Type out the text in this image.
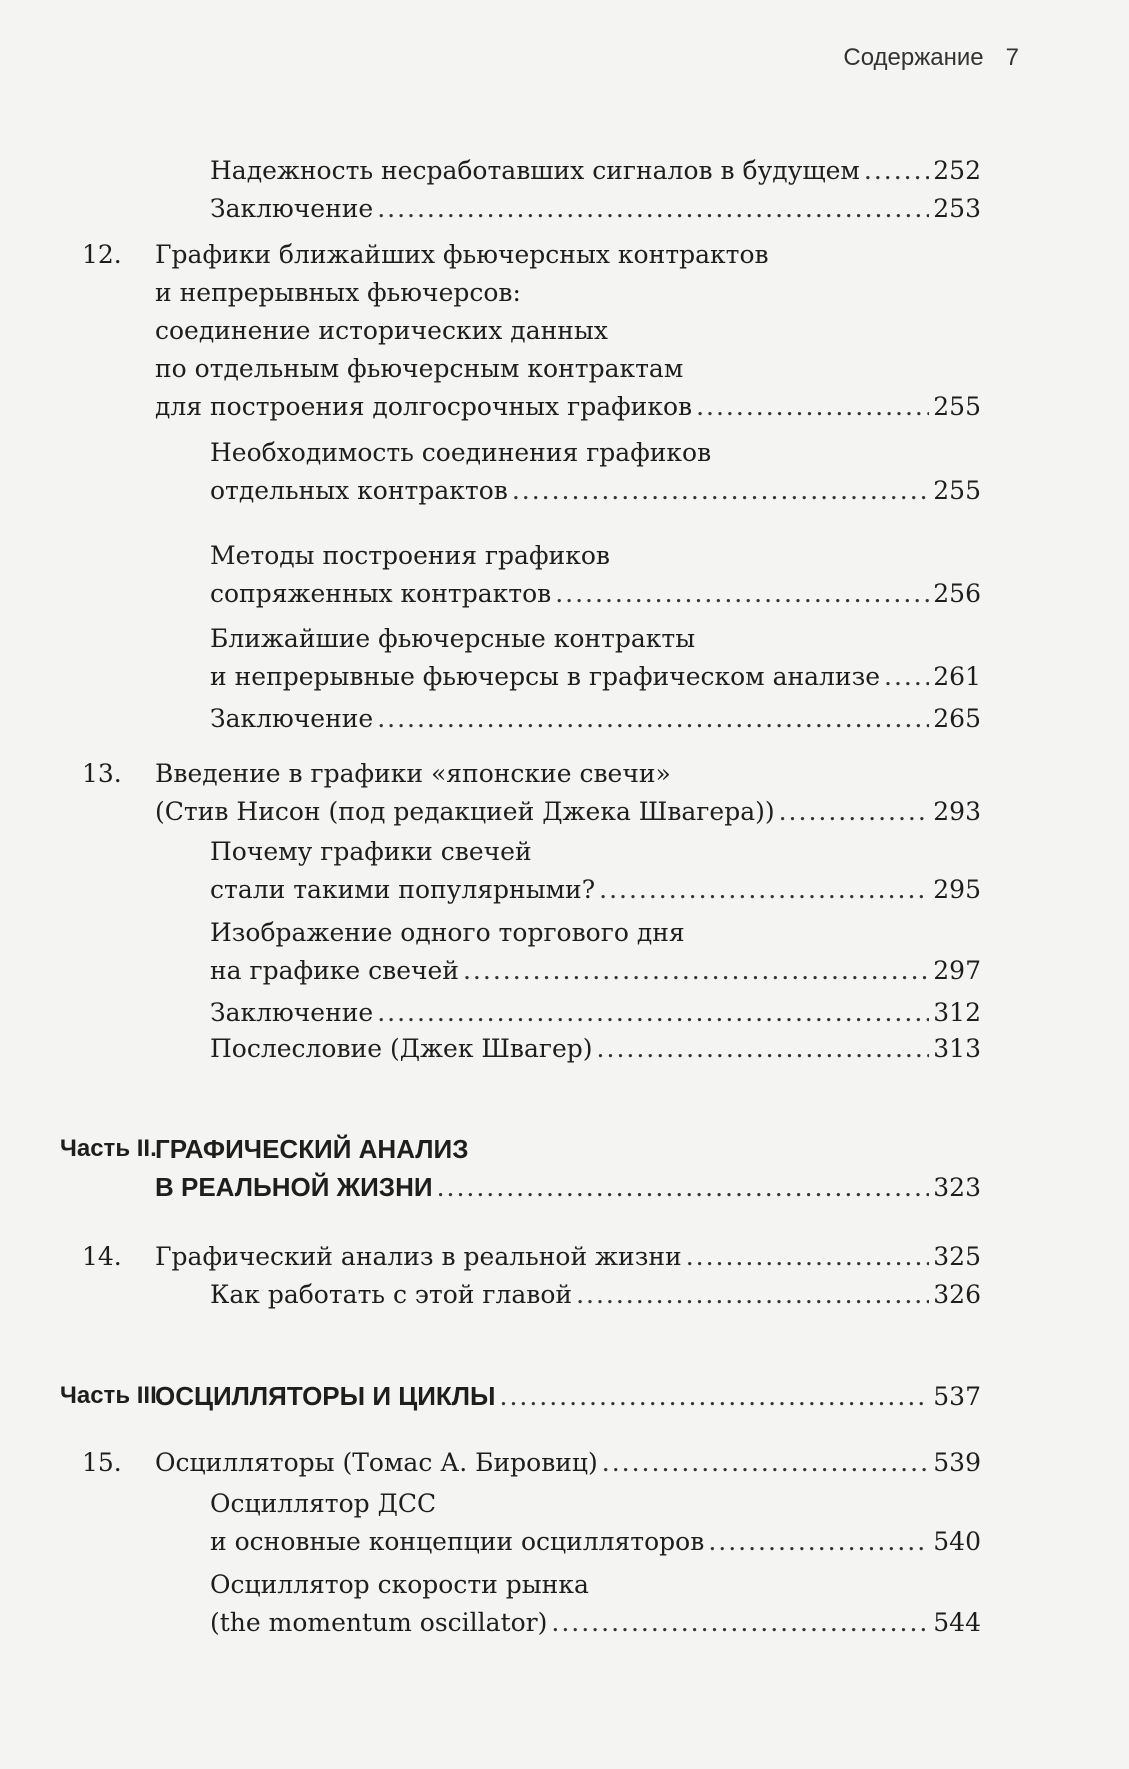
Содержание 7
Надежность несработавших сигналов в будущем .....	252
Заключение .....	253
12. Графики ближайших фьючерсных контрактов
и непрерывных фьючерсов:
соединение исторических данных
по отдельным фьючерсным контрактам
для построения долгосрочных графиков .....	255
Необходимость соединения графиков
отдельных контрактов .....	255
Методы построения графиков
сопряженных контрактов .....	256
Ближайшие фьючерсные контракты
и непрерывные фьючерсы в графическом анализе ..... 261
Заключение .....	265
13. Введение в графики «японские свечи»
(Стив Нисон (под редакцией Джека Швагера)) .....	293
Почему графики свечей
стали такими популярными? .....	295
Изображение одного торгового дня
на графике свечей .....	297
Заключение .....	312
Послесловие (Джек Швагер) .....	313
Часть II.
ГРАФИЧЕСКИЙ АНАЛИЗ
В РЕАЛЬНОЙ ЖИЗНИ .....	323
14. Графический анализ в реальной жизни .....	325
Как работать с этой главой .....	326
Часть III.
ОСЦИЛЛЯТОРЫ И ЦИКЛЫ .....	537
15. Осцилляторы (Томас А. Бировиц) .....	539
Осциллятор ДСС
и основные концепции осцилляторов .....	540
Осциллятор скорости рынка
(the momentum oscillator) .....	544
